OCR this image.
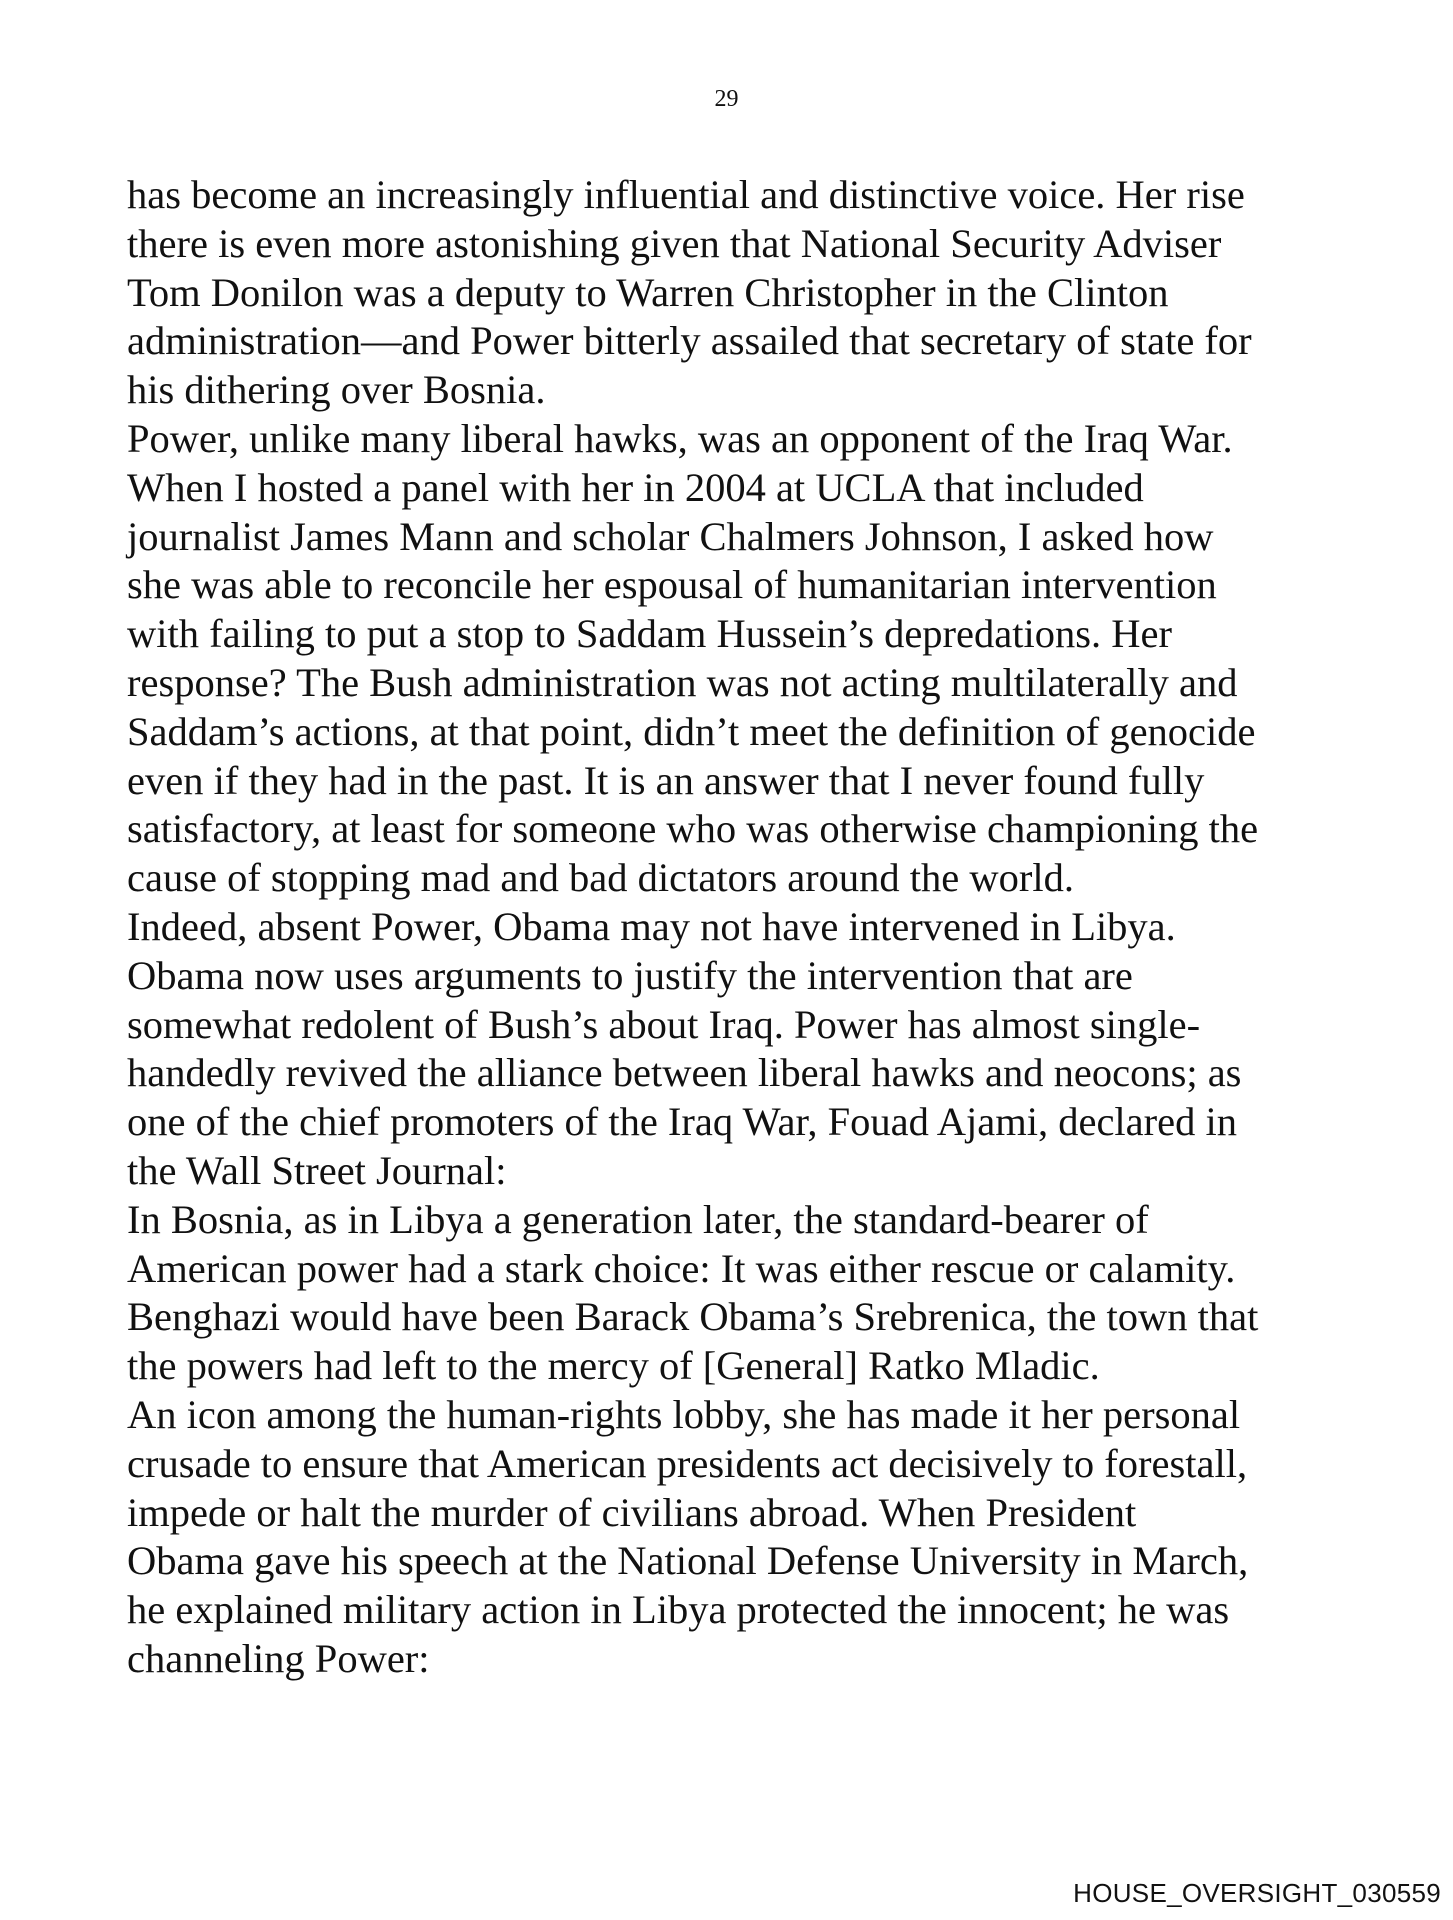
29
has become an increasingly influential and distinctive voice. Her rise
there is even more astonishing given that National Security Adviser
Tom Donilon was a deputy to Warren Christopher in the Clinton
administration—and Power bitterly assailed that secretary of state for
his dithering over Bosnia.
Power, unlike many liberal hawks, was an opponent of the Iraq War.
When I hosted a panel with her in 2004 at UCLA that included
journalist James Mann and scholar Chalmers Johnson, I asked how
she was able to reconcile her espousal of humanitarian intervention
with failing to put a stop to Saddam Hussein’s depredations. Her
response? The Bush administration was not acting multilaterally and
Saddam’s actions, at that point, didn’t meet the definition of genocide
even if they had in the past. It is an answer that I never found fully
satisfactory, at least for someone who was otherwise championing the
cause of stopping mad and bad dictators around the world.
Indeed, absent Power, Obama may not have intervened in Libya.
Obama now uses arguments to justify the intervention that are
somewhat redolent of Bush’s about Iraq. Power has almost single-
handedly revived the alliance between liberal hawks and neocons; as
one of the chief promoters of the Iraq War, Fouad Ajami, declared in
the Wall Street Journal:
In Bosnia, as in Libya a generation later, the standard-bearer of
American power had a stark choice: It was either rescue or calamity.
Benghazi would have been Barack Obama’s Srebrenica, the town that
the powers had left to the mercy of [General] Ratko Mladic.
An icon among the human-rights lobby, she has made it her personal
crusade to ensure that American presidents act decisively to forestall,
impede or halt the murder of civilians abroad. When President
Obama gave his speech at the National Defense University in March,
he explained military action in Libya protected the innocent; he was
channeling Power:
HOUSE_OVERSIGHT_030559
